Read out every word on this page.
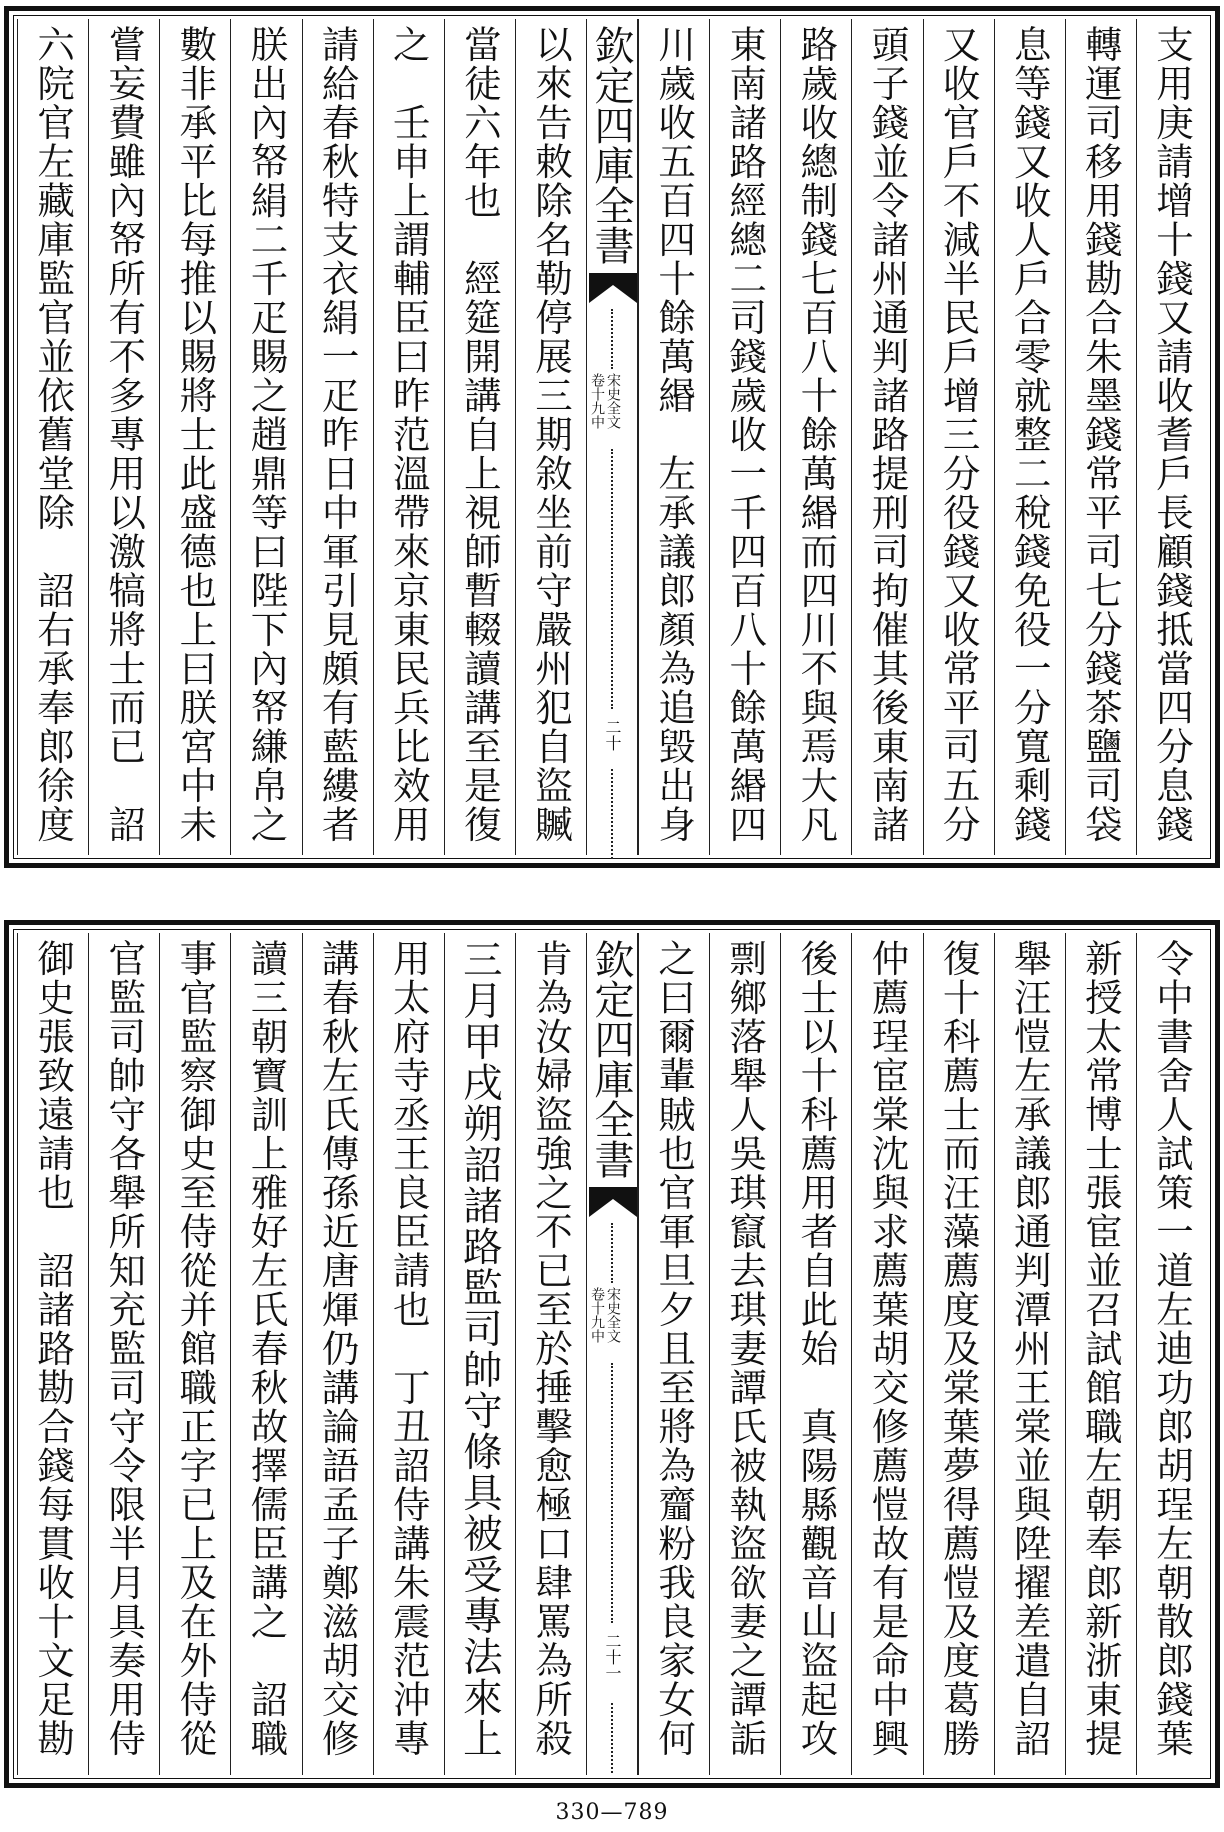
支用庚請增十錢又請收耆戶長顧錢抵當四分息錢
轉運司移用錢勘合朱墨錢常平司七分錢茶鹽司袋
息等錢又收人戶合零就整二稅錢免役一分寬剩錢
又收官戶不減半民戶增三分役錢又收常平司五分
頭子錢並令諸州通判諸路提刑司拘催其後東南諸
路歲收總制錢七百八十餘萬緡而四川不與焉大凡
東南諸路經總二司錢歲收一千四百八十餘萬緡四
川歲收五百四十餘萬緡　左承議郎顏為追毀出身
欽定四庫全書
宋史全文
卷十九中
二十
以來告敕除名勒停展三期敘坐前守嚴州犯自盜贓
當徒六年也　經筵開講自上視師暫輟讀講至是復
之　壬申上謂輔臣曰昨范溫帶來京東民兵比效用
請給春秋特支衣絹一疋昨日中軍引見頗有藍縷者
朕出內帑絹二千疋賜之趙鼎等曰陛下內帑縑帛之
數非承平比每推以賜將士此盛德也上曰朕宮中未
嘗妄費雖內帑所有不多專用以激犒將士而已　詔
六院官左藏庫監官並依舊堂除　詔右承奉郎徐度
令中書舍人試策一道左迪功郎胡珵左朝散郎錢葉
新授太常博士張宦並召試館職左朝奉郎新浙東提
舉汪愷左承議郎通判潭州王棠並與陞擢差遣自詔
復十科薦士而汪藻薦度及棠葉夢得薦愷及度葛勝
仲薦珵宦棠沈與求薦葉胡交修薦愷故有是命中興
後士以十科薦用者自此始　真陽縣觀音山盜起攻
剽鄉落舉人吳琪竄去琪妻譚氏被執盜欲妻之譚詬
之曰爾輩賊也官軍旦夕且至將為齏粉我良家女何
欽定四庫全書
宋史全文
卷十九中
二十一
肯為汝婦盜強之不已至於捶擊愈極口肆罵為所殺
三月甲戌朔詔諸路監司帥守條具被受專法來上
用太府寺丞王良臣請也　丁丑詔侍講朱震范沖專
講春秋左氏傳孫近唐煇仍講論語孟子鄭滋胡交修
讀三朝寶訓上雅好左氏春秋故擇儒臣講之　詔職
事官監察御史至侍從并館職正字已上及在外侍從
官監司帥守各舉所知充監司守令限半月具奏用侍
御史張致遠請也　詔諸路勘合錢每貫收十文足勘
330—789
